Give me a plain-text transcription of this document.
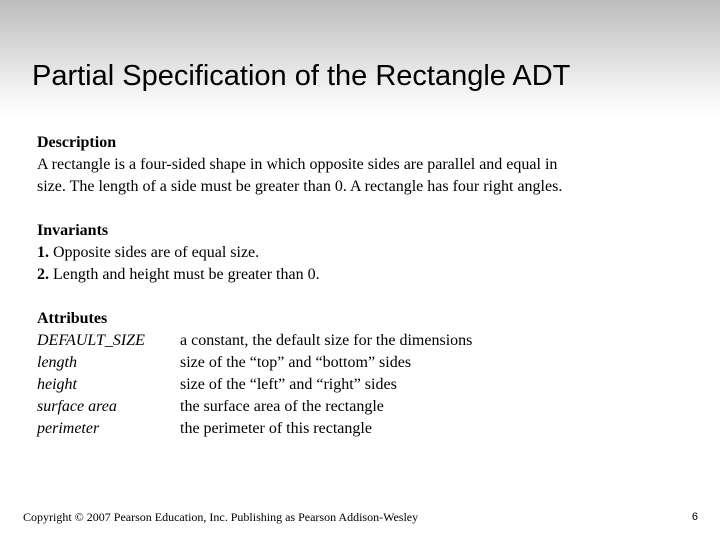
Partial Specification of the Rectangle ADT
Description
A rectangle is a four-sided shape in which opposite sides are parallel and equal in
size. The length of a side must be greater than 0. A rectangle has four right angles.
Invariants
1. Opposite sides are of equal size.
2. Length and height must be greater than 0.
Attributes
DEFAULT_SIZE	a constant, the default size for the dimensions
length	size of the “top” and “bottom” sides
height	size of the “left” and “right” sides
surface area	the surface area of the rectangle
perimeter	the perimeter of this rectangle
Copyright © 2007 Pearson Education, Inc. Publishing as Pearson Addison-Wesley	6
